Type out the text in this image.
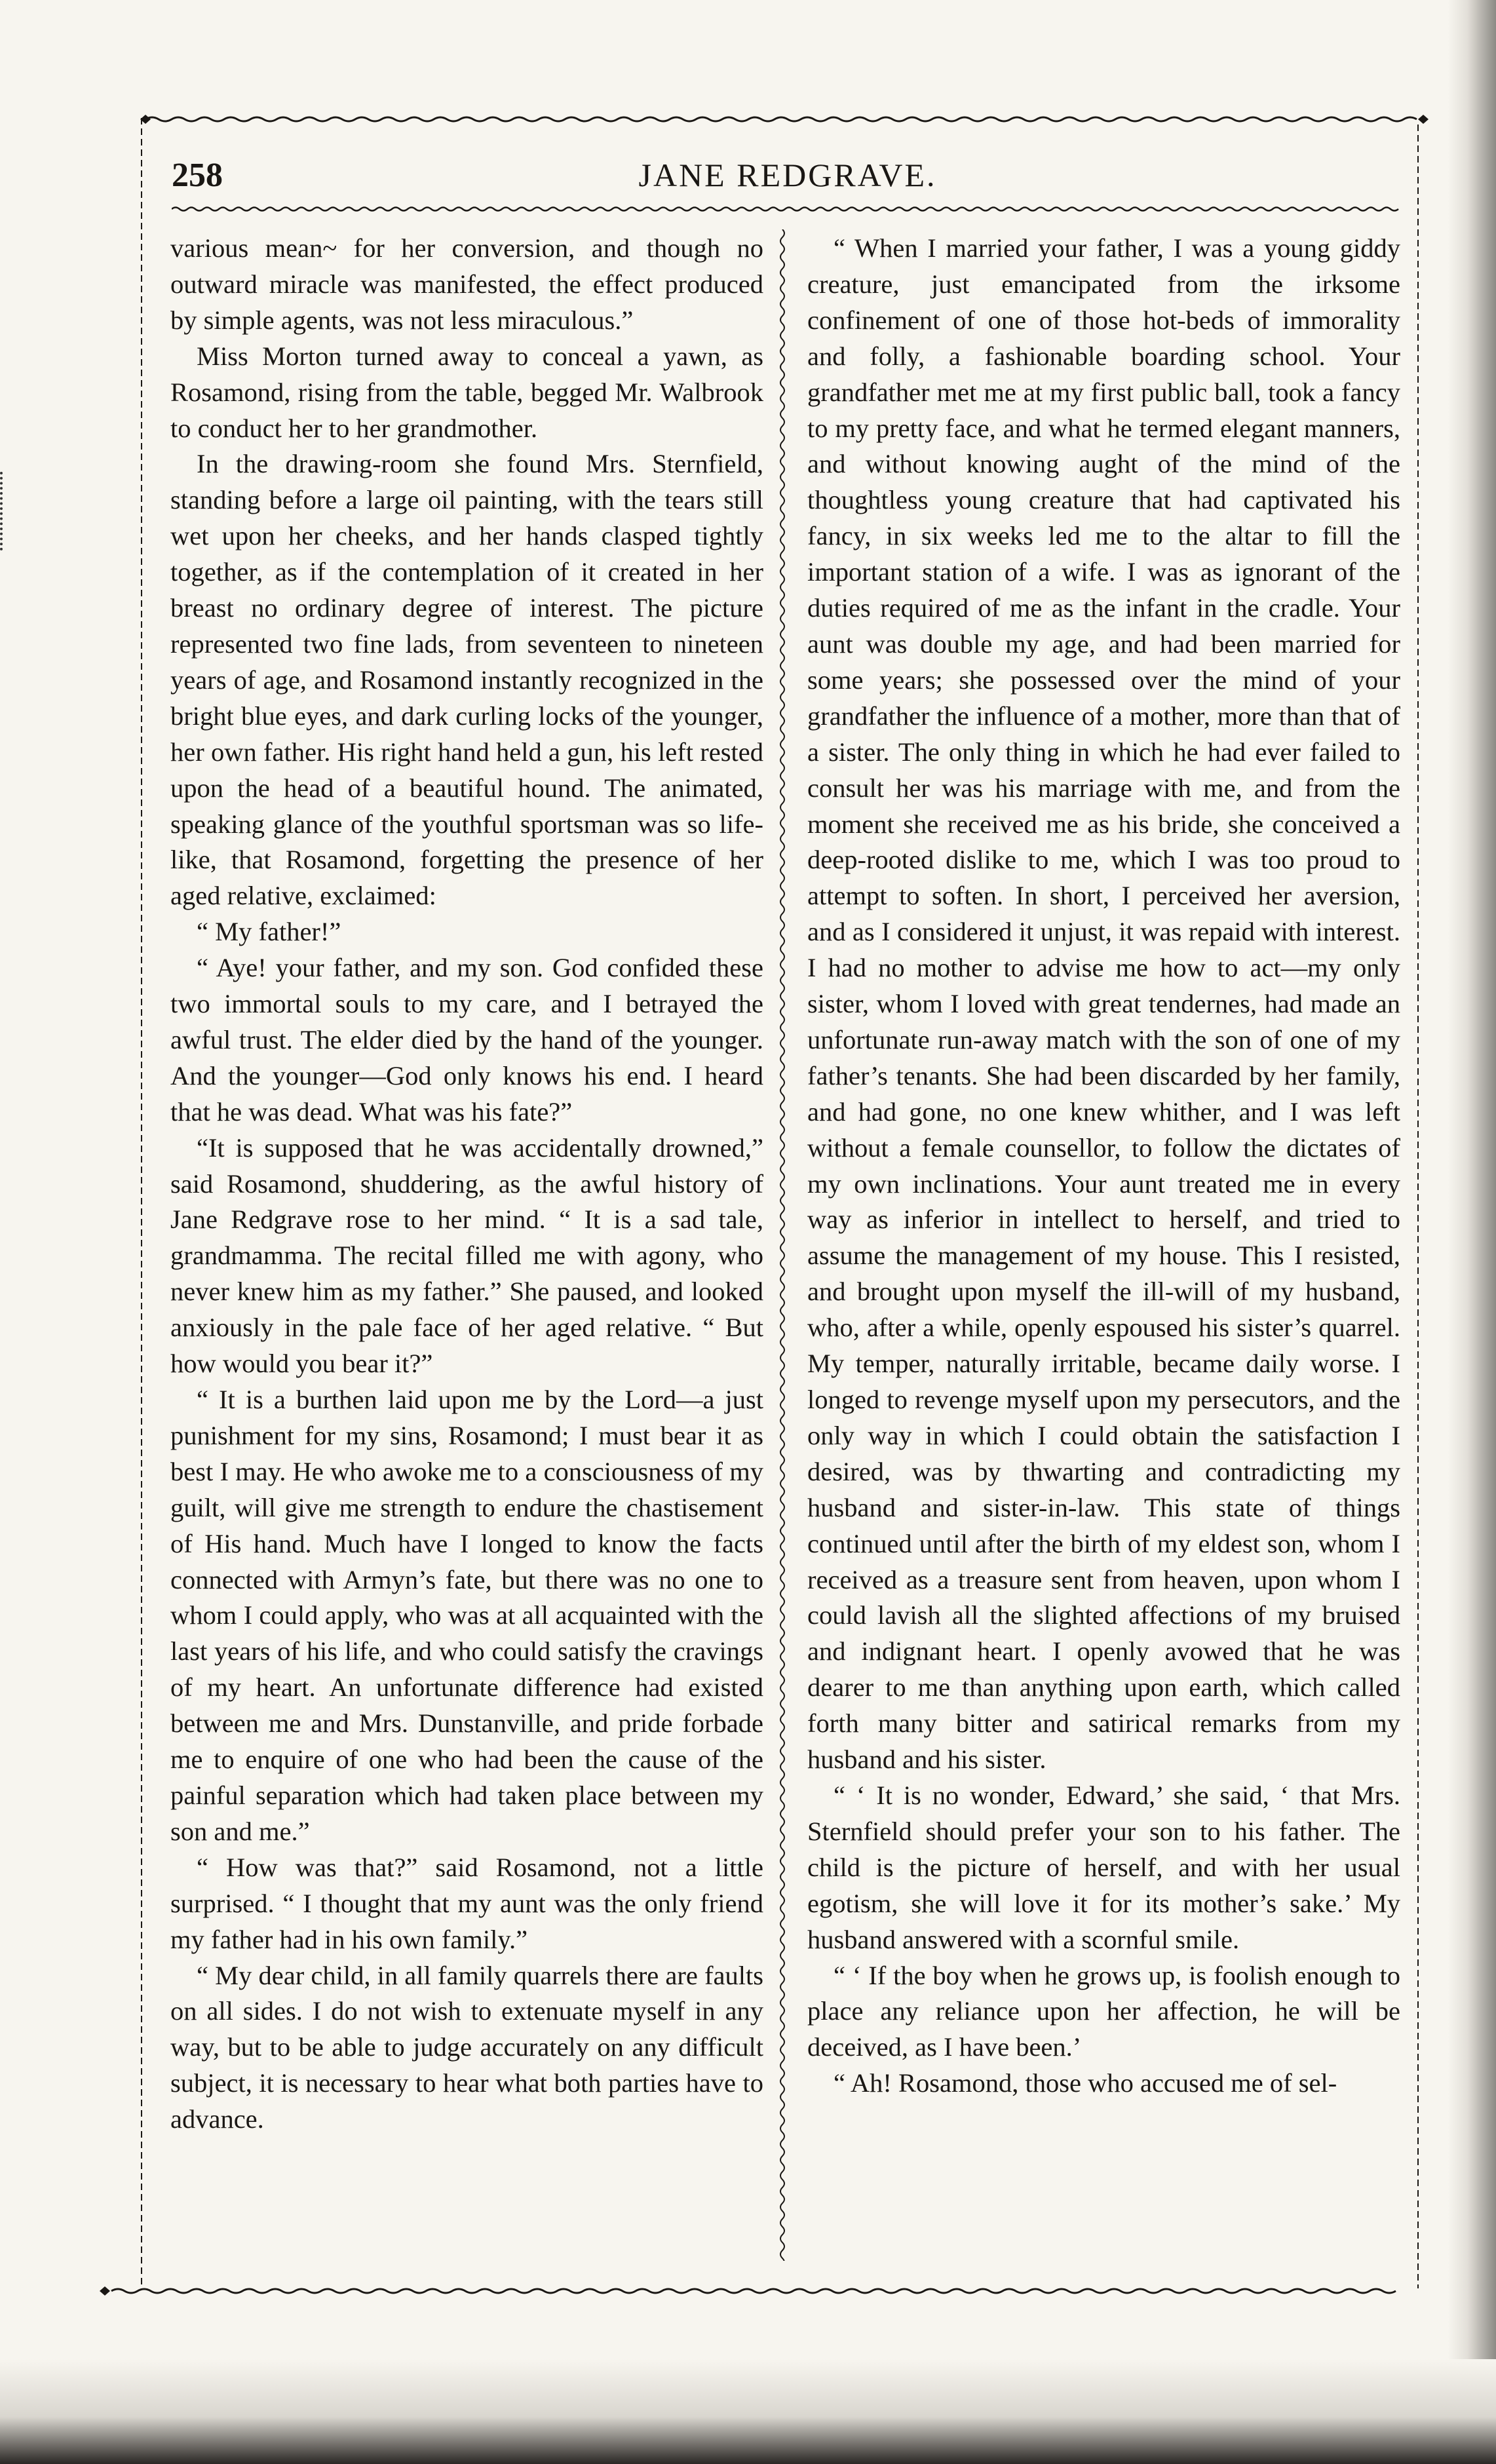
258	JANE REDGRAVE.

various mean~ for her conversion, and though no outward miracle was manifested, the effect produced by simple agents, was not less miraculous.”

Miss Morton turned away to conceal a yawn, as Rosamond, rising from the table, begged Mr. Walbrook to conduct her to her grandmother.

In the drawing-room she found Mrs. Sternfield, standing before a large oil painting, with the tears still wet upon her cheeks, and her hands clasped tightly together, as if the contemplation of it created in her breast no ordinary degree of interest. The picture represented two fine lads, from seventeen to nineteen years of age, and Rosamond instantly recognized in the bright blue eyes, and dark curling locks of the younger, her own father. His right hand held a gun, his left rested upon the head of a beautiful hound. The animated, speaking glance of the youthful sportsman was so life-like, that Rosamond, forgetting the presence of her aged relative, exclaimed:

“ My father!”

“ Aye! your father, and my son. God confided these two immortal souls to my care, and I betrayed the awful trust. The elder died by the hand of the younger. And the younger—God only knows his end. I heard that he was dead. What was his fate?”

“It is supposed that he was accidentally drowned,” said Rosamond, shuddering, as the awful history of Jane Redgrave rose to her mind. “ It is a sad tale, grandmamma. The recital filled me with agony, who never knew him as my father.” She paused, and looked anxiously in the pale face of her aged relative. “ But how would you bear it?”

“ It is a burthen laid upon me by the Lord—a just punishment for my sins, Rosamond; I must bear it as best I may. He who awoke me to a consciousness of my guilt, will give me strength to endure the chastisement of His hand. Much have I longed to know the facts connected with Armyn’s fate, but there was no one to whom I could apply, who was at all acquainted with the last years of his life, and who could satisfy the cravings of my heart. An unfortunate difference had existed between me and Mrs. Dunstanville, and pride forbade me to enquire of one who had been the cause of the painful separation which had taken place between my son and me.”

“ How was that?” said Rosamond, not a little surprised. “ I thought that my aunt was the only friend my father had in his own family.”

“ My dear child, in all family quarrels there are faults on all sides. I do not wish to extenuate myself in any way, but to be able to judge accurately on any difficult subject, it is necessary to hear what both parties have to advance.

“ When I married your father, I was a young giddy creature, just emancipated from the irksome confinement of one of those hot-beds of immorality and folly, a fashionable boarding school. Your grandfather met me at my first public ball, took a fancy to my pretty face, and what he termed elegant manners, and without knowing aught of the mind of the thoughtless young creature that had captivated his fancy, in six weeks led me to the altar to fill the important station of a wife. I was as ignorant of the duties required of me as the infant in the cradle. Your aunt was double my age, and had been married for some years; she possessed over the mind of your grandfather the influence of a mother, more than that of a sister. The only thing in which he had ever failed to consult her was his marriage with me, and from the moment she received me as his bride, she conceived a deep-rooted dislike to me, which I was too proud to attempt to soften. In short, I perceived her aversion, and as I considered it unjust, it was repaid with interest. I had no mother to advise me how to act—my only sister, whom I loved with great tendernes, had made an unfortunate run-away match with the son of one of my father’s tenants. She had been discarded by her family, and had gone, no one knew whither, and I was left without a female counsellor, to follow the dictates of my own inclinations. Your aunt treated me in every way as inferior in intellect to herself, and tried to assume the management of my house. This I resisted, and brought upon myself the ill-will of my husband, who, after a while, openly espoused his sister’s quarrel. My temper, naturally irritable, became daily worse. I longed to revenge myself upon my persecutors, and the only way in which I could obtain the satisfaction I desired, was by thwarting and contradicting my husband and sister-in-law. This state of things continued until after the birth of my eldest son, whom I received as a treasure sent from heaven, upon whom I could lavish all the slighted affections of my bruised and indignant heart. I openly avowed that he was dearer to me than anything upon earth, which called forth many bitter and satirical remarks from my husband and his sister.

“ ‘ It is no wonder, Edward,’ she said, ‘ that Mrs. Sternfield should prefer your son to his father. The child is the picture of herself, and with her usual egotism, she will love it for its mother’s sake.’ My husband answered with a scornful smile.

“ ‘ If the boy when he grows up, is foolish enough to place any reliance upon her affection, he will be deceived, as I have been.’

“ Ah! Rosamond, those who accused me of sel-
